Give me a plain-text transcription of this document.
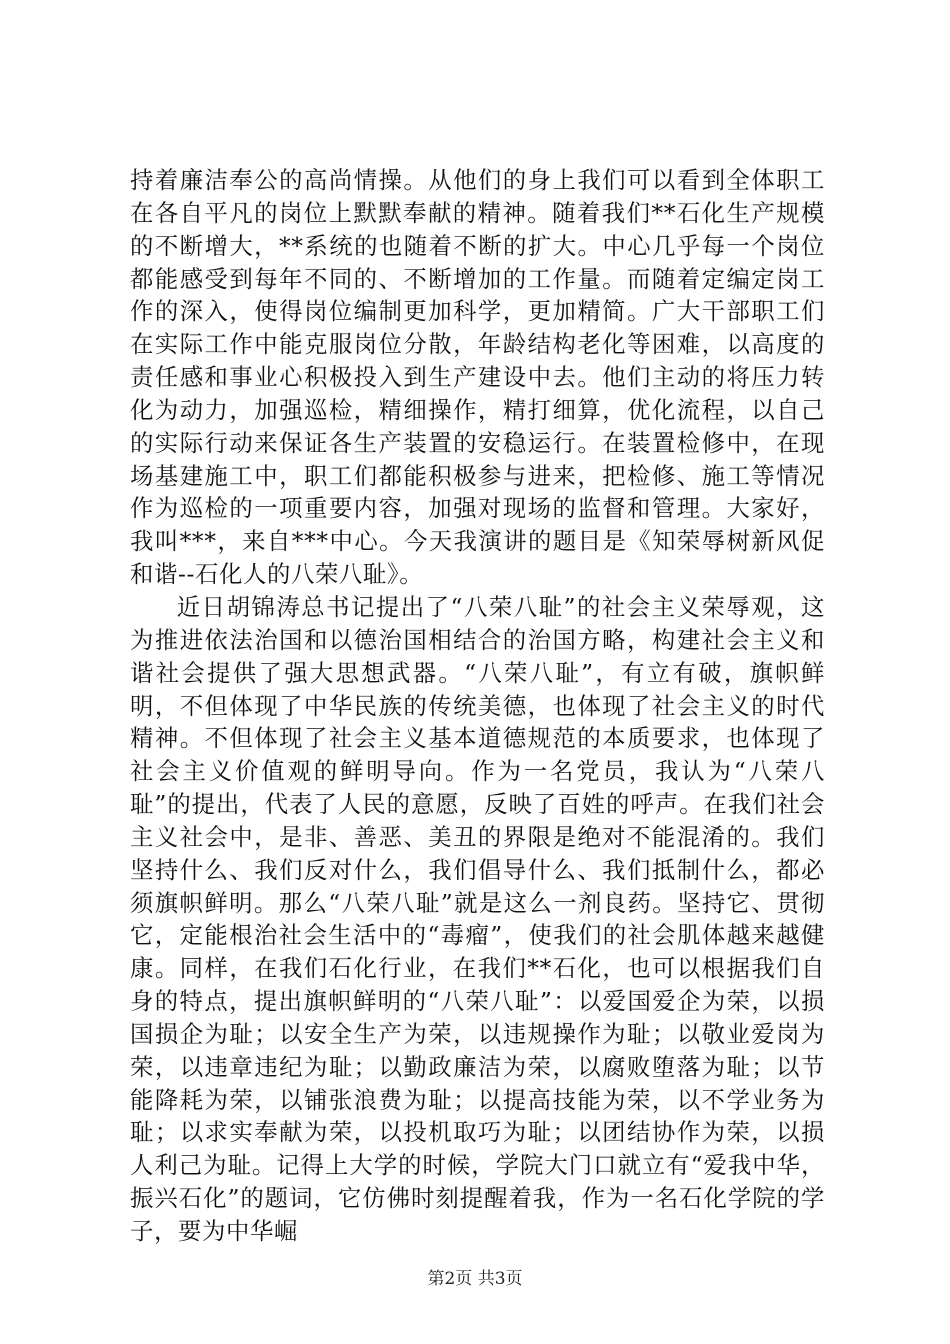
持着廉洁奉公的高尚情操。从他们的身上我们可以看到全体职工在各自平凡的岗位上默默奉献的精神。随着我们**石化生产规模的不断增大，**系统的也随着不断的扩大。中心几乎每一个岗位都能感受到每年不同的、不断增加的工作量。而随着定编定岗工作的深入，使得岗位编制更加科学，更加精简。广大干部职工们在实际工作中能克服岗位分散，年龄结构老化等困难，以高度的责任感和事业心积极投入到生产建设中去。他们主动的将压力转化为动力，加强巡检，精细操作，精打细算，优化流程，以自己的实际行动来保证各生产装置的安稳运行。在装置检修中，在现场基建施工中，职工们都能积极参与进来，把检修、施工等情况作为巡检的一项重要内容，加强对现场的监督和管理。大家好，我叫***，来自***中心。今天我演讲的题目是《知荣辱树新风促和谐--石化人的八荣八耻》。

近日胡锦涛总书记提出了“八荣八耻”的社会主义荣辱观，这为推进依法治国和以德治国相结合的治国方略，构建社会主义和谐社会提供了强大思想武器。“八荣八耻”，有立有破，旗帜鲜明，不但体现了中华民族的传统美德，也体现了社会主义的时代精神。不但体现了社会主义基本道德规范的本质要求，也体现了社会主义价值观的鲜明导向。作为一名党员，我认为“八荣八耻”的提出，代表了人民的意愿，反映了百姓的呼声。在我们社会主义社会中，是非、善恶、美丑的界限是绝对不能混淆的。我们坚持什么、我们反对什么，我们倡导什么、我们抵制什么，都必须旗帜鲜明。那么“八荣八耻”就是这么一剂良药。坚持它、贯彻它，定能根治社会生活中的“毒瘤”，使我们的社会肌体越来越健康。同样，在我们石化行业，在我们**石化，也可以根据我们自身的特点，提出旗帜鲜明的“八荣八耻”：以爱国爱企为荣，以损国损企为耻；以安全生产为荣，以违规操作为耻；以敬业爱岗为荣，以违章违纪为耻；以勤政廉洁为荣，以腐败堕落为耻；以节能降耗为荣，以铺张浪费为耻；以提高技能为荣，以不学业务为耻；以求实奉献为荣，以投机取巧为耻；以团结协作为荣，以损人利己为耻。记得上大学的时候，学院大门口就立有“爱我中华，振兴石化”的题词，它仿佛时刻提醒着我，作为一名石化学院的学子，要为中华崛

第2页 共3页
